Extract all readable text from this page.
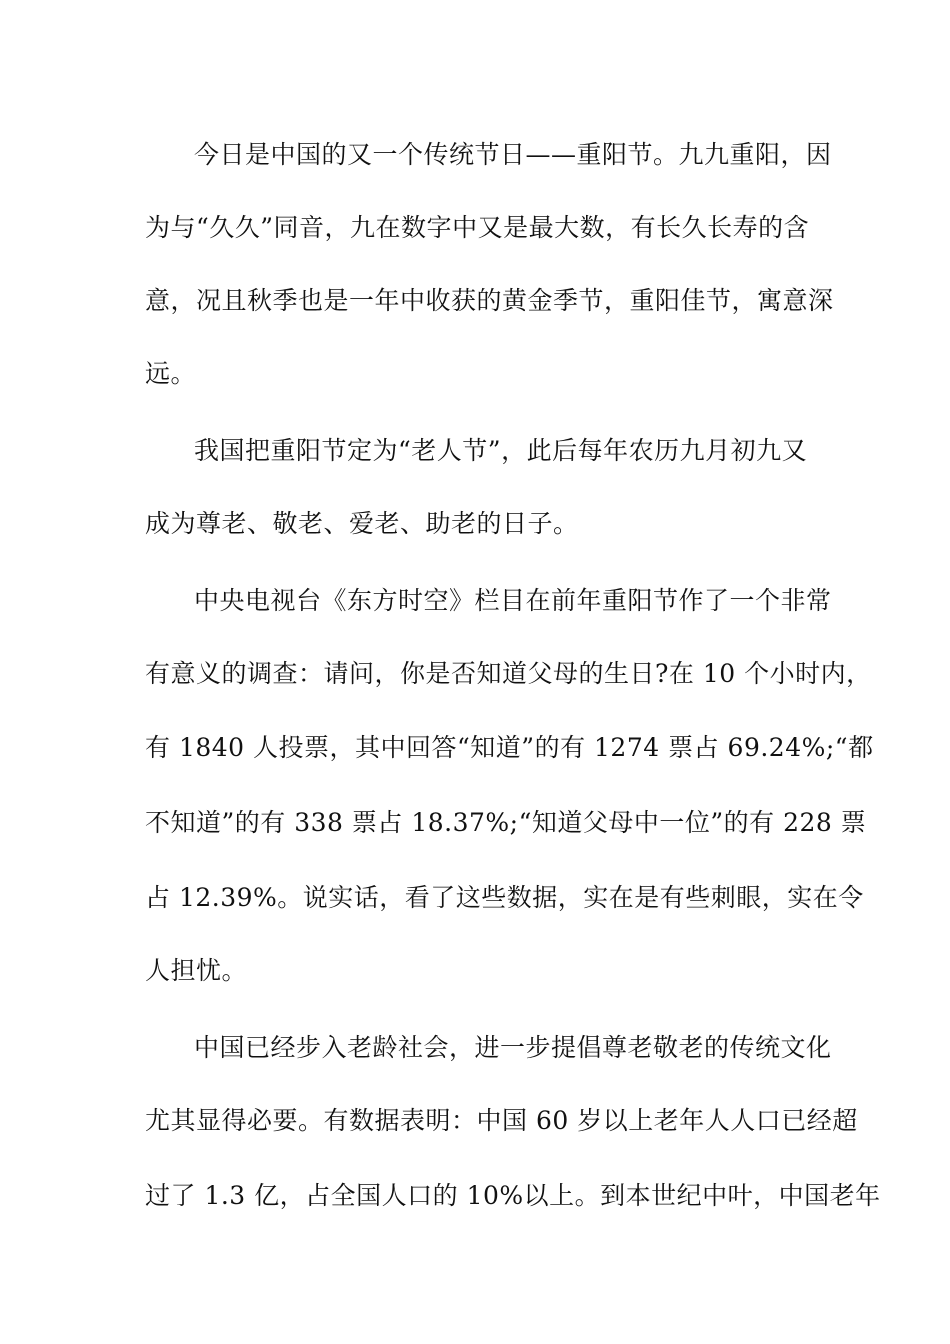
今日是中国的又一个传统节日——重阳节。九九重阳，因
为与“久久”同音，九在数字中又是最大数，有长久长寿的含
意，况且秋季也是一年中收获的黄金季节，重阳佳节，寓意深
远。
我国把重阳节定为“老人节”，此后每年农历九月初九又
成为尊老、敬老、爱老、助老的日子。
中央电视台《东方时空》栏目在前年重阳节作了一个非常
有意义的调查：请问，你是否知道父母的生日?在 10 个小时内，
有 1840 人投票，其中回答“知道”的有 1274 票占 69.24%;“都
不知道”的有 338 票占 18.37%;“知道父母中一位”的有 228 票
占 12.39%。说实话，看了这些数据，实在是有些刺眼，实在令
人担忧。
中国已经步入老龄社会，进一步提倡尊老敬老的传统文化
尤其显得必要。有数据表明：中国 60 岁以上老年人人口已经超
过了 1.3 亿，占全国人口的 10%以上。到本世纪中叶，中国老年
